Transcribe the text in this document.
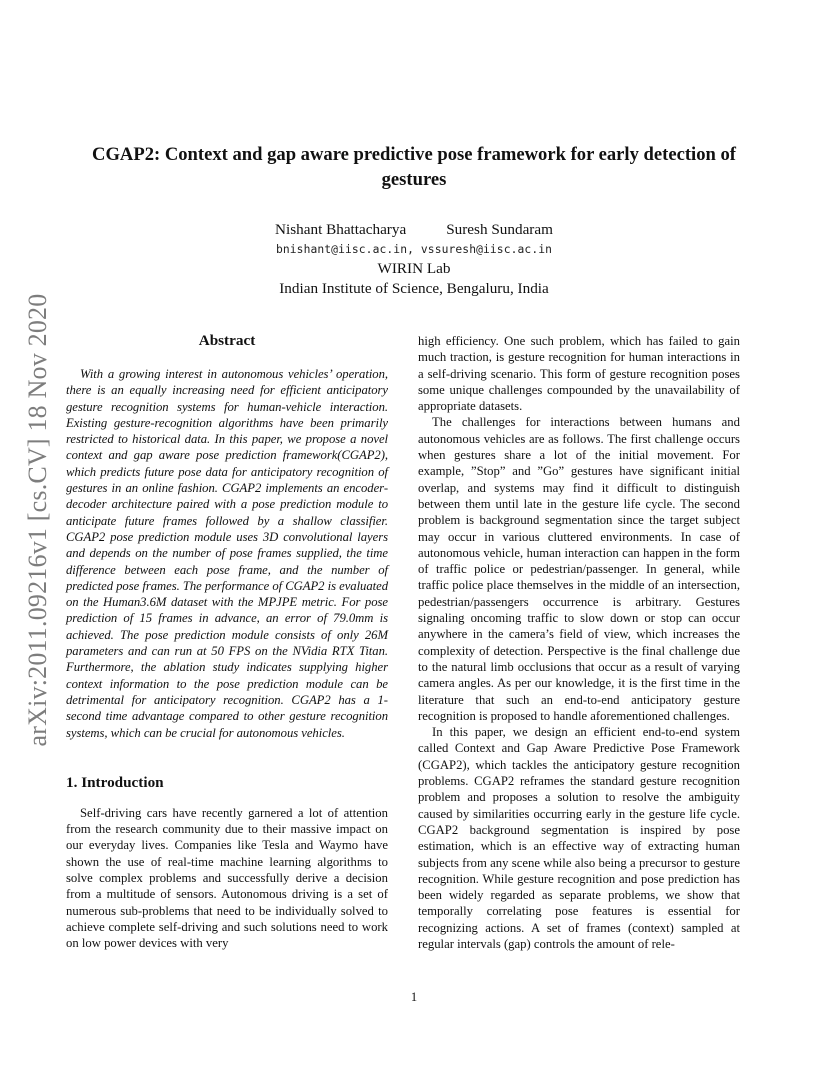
arXiv:2011.09216v1 [cs.CV] 18 Nov 2020
CGAP2: Context and gap aware predictive pose framework for early detection of gestures
Nishant Bhattacharya	Suresh Sundaram
bnishant@iisc.ac.in, vssuresh@iisc.ac.in
WIRIN Lab
Indian Institute of Science, Bengaluru, India
Abstract

With a growing interest in autonomous vehicles’ operation, there is an equally increasing need for efficient anticipatory gesture recognition systems for human-vehicle interaction. Existing gesture-recognition algorithms have been primarily restricted to historical data. In this paper, we propose a novel context and gap aware pose prediction framework(CGAP2), which predicts future pose data for anticipatory recognition of gestures in an online fashion. CGAP2 implements an encoder-decoder architecture paired with a pose prediction module to anticipate future frames followed by a shallow classifier. CGAP2 pose prediction module uses 3D convolutional layers and depends on the number of pose frames supplied, the time difference between each pose frame, and the number of predicted pose frames. The performance of CGAP2 is evaluated on the Human3.6M dataset with the MPJPE metric. For pose prediction of 15 frames in advance, an error of 79.0mm is achieved. The pose prediction module consists of only 26M parameters and can run at 50 FPS on the NVidia RTX Titan. Furthermore, the ablation study indicates supplying higher context information to the pose prediction module can be detrimental for anticipatory recognition. CGAP2 has a 1-second time advantage compared to other gesture recognition systems, which can be crucial for autonomous vehicles.

1. Introduction

Self-driving cars have recently garnered a lot of attention from the research community due to their massive impact on our everyday lives. Companies like Tesla and Waymo have shown the use of real-time machine learning algorithms to solve complex problems and successfully derive a decision from a multitude of sensors. Autonomous driving is a set of numerous sub-problems that need to be individually solved to achieve complete self-driving and such solutions need to work on low power devices with very

high efficiency. One such problem, which has failed to gain much traction, is gesture recognition for human interactions in a self-driving scenario. This form of gesture recognition poses some unique challenges compounded by the unavailability of appropriate datasets.

The challenges for interactions between humans and autonomous vehicles are as follows. The first challenge occurs when gestures share a lot of the initial movement. For example, ”Stop” and ”Go” gestures have significant initial overlap, and systems may find it difficult to distinguish between them until late in the gesture life cycle. The second problem is background segmentation since the target subject may occur in various cluttered environments. In case of autonomous vehicle, human interaction can happen in the form of traffic police or pedestrian/passenger. In general, while traffic police place themselves in the middle of an intersection, pedestrian/passengers occurrence is arbitrary. Gestures signaling oncoming traffic to slow down or stop can occur anywhere in the camera’s field of view, which increases the complexity of detection. Perspective is the final challenge due to the natural limb occlusions that occur as a result of varying camera angles. As per our knowledge, it is the first time in the literature that such an end-to-end anticipatory gesture recognition is proposed to handle aforementioned challenges.

In this paper, we design an efficient end-to-end system called Context and Gap Aware Predictive Pose Framework (CGAP2), which tackles the anticipatory gesture recognition problems. CGAP2 reframes the standard gesture recognition problem and proposes a solution to resolve the ambiguity caused by similarities occurring early in the gesture life cycle. CGAP2 background segmentation is inspired by pose estimation, which is an effective way of extracting human subjects from any scene while also being a precursor to gesture recognition. While gesture recognition and pose prediction has been widely regarded as separate problems, we show that temporally correlating pose features is essential for recognizing actions. A set of frames (context) sampled at regular intervals (gap) controls the amount of rele-

1
